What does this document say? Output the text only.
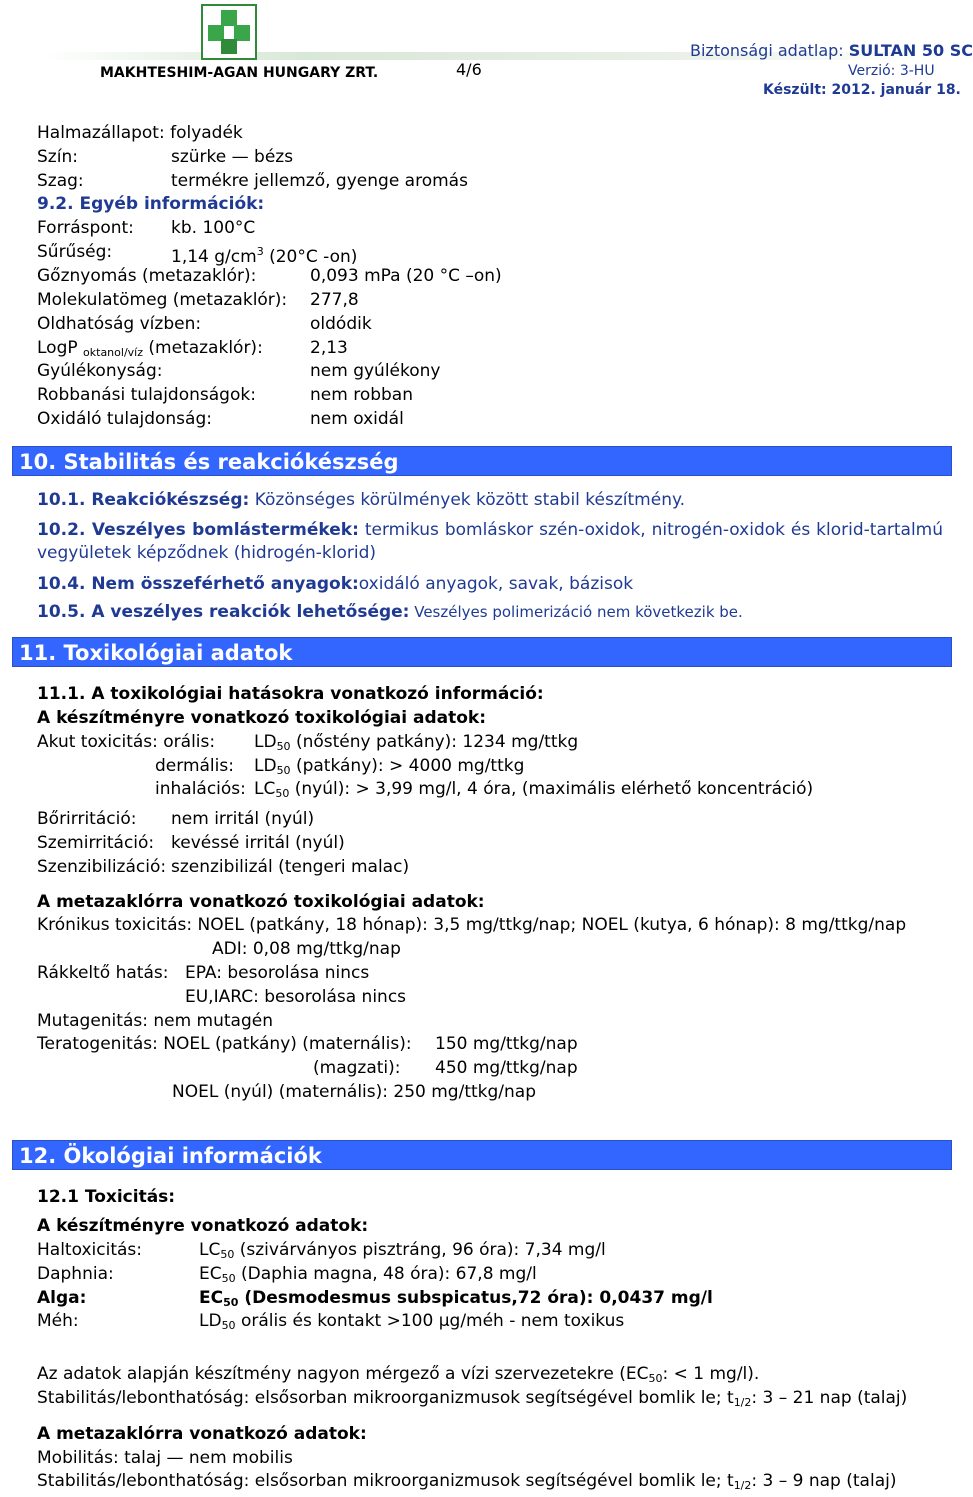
MAKHTESHIM-AGAN HUNGARY ZRT.	4/6
Biztonsági adatlap: SULTAN 50 SC
Verzió: 3-HU
Készült: 2012. január 18.
Halmazállapot: folyadék
Szín:	szürke — bézs
Szag:	termékre jellemző, gyenge aromás
9.2. Egyéb információk:
Forráspont: kb. 100°C
Sűrűség:	1,14 $g/cm^3$ (20°C -on)
Gőznyomás (metazaklór):	0,093 mPa (20 °C –on)
Molekulatömeg (metazaklór): 277,8
Oldhatóság vízben:	oldódik
LogP $_{oktanol/víz}$ (metazaklór):	2,13
Gyúlékonyság:	nem gyúlékony
Robbanási tulajdonságok:	nem robban
Oxidáló tulajdonság:	nem oxidál
10. Stabilitás és reakciókészség
10.1. Reakciókészség: Közönséges körülmények között stabil készítmény.
10.2. Veszélyes bomlástermékek: termikus bomláskor szén-oxidok, nitrogén-oxidok és klorid-tartalmú vegyületek képződnek (hidrogén-klorid)
10.4. Nem összeférhető anyagok:oxidáló anyagok, savak, bázisok
10.5. A veszélyes reakciók lehetősége: Veszélyes polimerizáció nem következik be.
11. Toxikológiai adatok
11.1. A toxikológiai hatásokra vonatkozó információ:
A készítményre vonatkozó toxikológiai adatok:
Akut toxicitás: orális: $LD_{50}$ (nőstény patkány): 1234 mg/ttkg
dermális: $LD_{50}$ (patkány): > 4000 mg/ttkg
inhalációs: $LC_{50}$ (nyúl): > 3,99 mg/l, 4 óra, (maximális elérhető koncentráció)
Bőrirritáció: nem irritál (nyúl)
Szemirritáció: kevéssé irritál (nyúl)
Szenzibilizáció: szenzibilizál (tengeri malac)
A metazaklórra vonatkozó toxikológiai adatok:
Krónikus toxicitás: NOEL (patkány, 18 hónap): 3,5 mg/ttkg/nap; NOEL (kutya, 6 hónap): 8 mg/ttkg/nap
ADI: 0,08 mg/ttkg/nap
Rákkeltő hatás: EPA: besorolása nincs
EU,IARC: besorolása nincs
Mutagenitás: nem mutagén
Teratogenitás: NOEL (patkány) (maternális): 150 mg/ttkg/nap
(magzati): 450 mg/ttkg/nap
NOEL (nyúl) (maternális): 250 mg/ttkg/nap
12. Ökológiai információk
12.1 Toxicitás:
A készítményre vonatkozó adatok:
Haltoxicitás:	$LC_{50}$ (szivárványos pisztráng, 96 óra): 7,34 mg/l
Daphnia:	$EC_{50}$ (Daphia magna, 48 óra): 67,8 mg/l
Alga:	$EC_{50}$ (Desmodesmus subspicatus,72 óra): 0,0437 mg/l
Méh:	$LD_{50}$ orális és kontakt >100 µg/méh - nem toxikus
Az adatok alapján készítmény nagyon mérgező a vízi szervezetekre ($EC_{50}$: < 1 mg/l).
Stabilitás/lebonthatóság: elsősorban mikroorganizmusok segítségével bomlik le; $t_{1/2}$: 3 – 21 nap (talaj)
A metazaklórra vonatkozó adatok:
Mobilitás: talaj — nem mobilis
Stabilitás/lebonthatóság: elsősorban mikroorganizmusok segítségével bomlik le; $t_{1/2}$: 3 – 9 nap (talaj)
